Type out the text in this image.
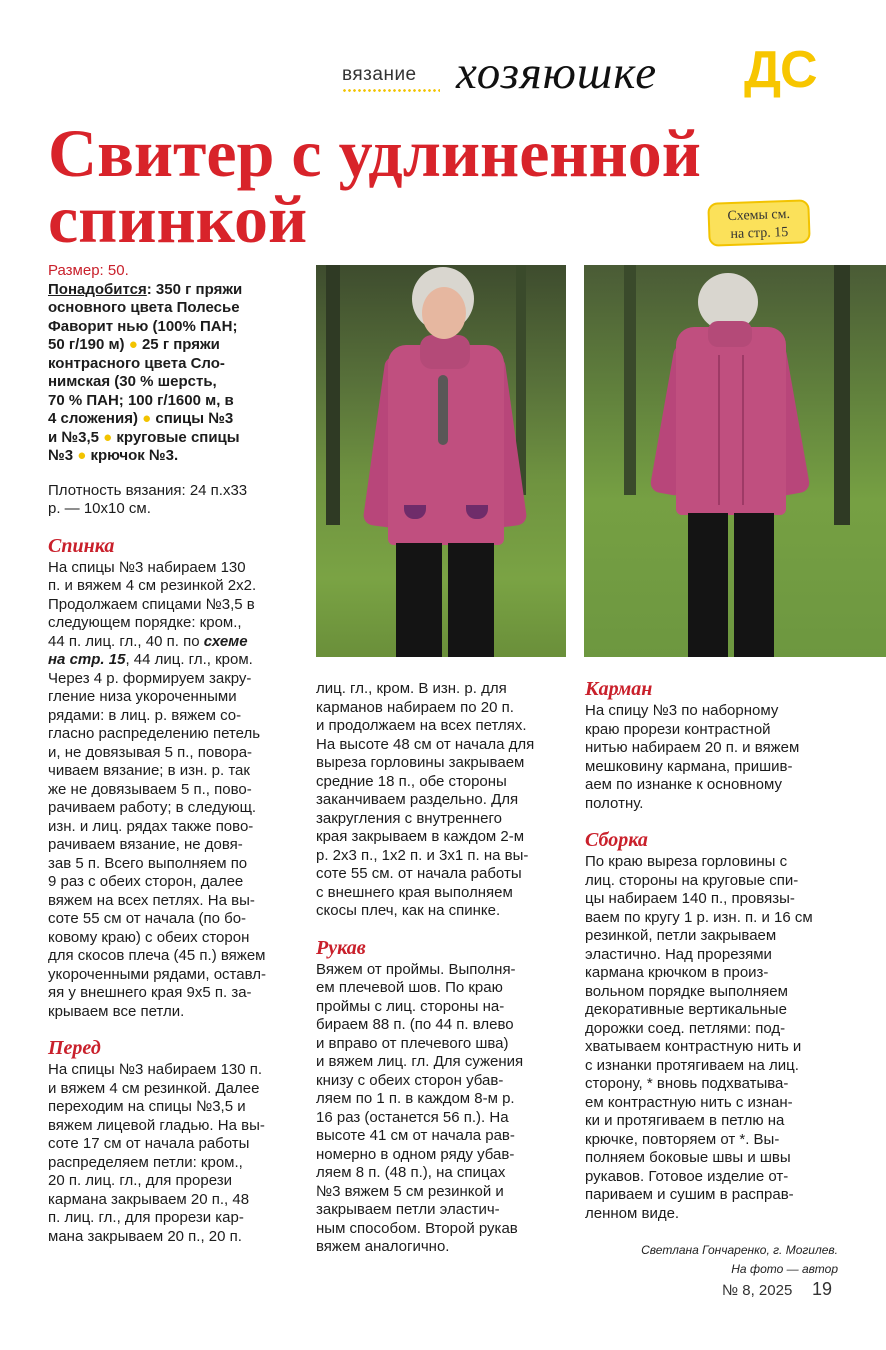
вязание хозяюшке ДС
Свитер с удлиненной
спинкой	Схемы см.
на стр. 15

Размер: 50.

Понадобится: 350 г пряжи
основного цвета Полесье
Фаворит нью (100% ПАН;
50 г/190 м) ● 25 г пряжи
контрасного цвета Сло-
нимская (30 % шерсть,
70 % ПАН; 100 г/1600 м, в
4 сложения) ● спицы №3
и №3,5 ● круговые спицы
№3 ● крючок №3.
Плотность вязания: 24 п.х33
р. — 10х10 см.
Спинка
На спицы №3 набираем 130
п. и вяжем 4 см резинкой 2х2.
Продолжаем спицами №3,5 в
следующем порядке: кром.,
44 п. лиц. гл., 40 п. по схеме
на стр. 15, 44 лиц. гл., кром.
Через 4 р. формируем закру-
гление низа укороченными
рядами: в лиц. р. вяжем со-
гласно распределению петель
и, не довязывая 5 п., повора-
чиваем вязание; в изн. р. так
же не довязываем 5 п., пово-
рачиваем работу; в следующ.
изн. и лиц. рядах также пово-
рачиваем вязание, не довя-
зав 5 п. Всего выполняем по
9 раз с обеих сторон, далее
вяжем на всех петлях. На вы-
соте 55 см от начала (по бо-
ковому краю) с обеих сторон
для скосов плеча (45 п.) вяжем
укороченными рядами, оставл-
яя у внешнего края 9х5 п. за-
крываем все петли.
Перед
На спицы №3 набираем 130 п.
и вяжем 4 см резинкой. Далее
переходим на спицы №3,5 и
вяжем лицевой гладью. На вы-
соте 17 см от начала работы
распределяем петли: кром.,
20 п. лиц. гл., для прорези
кармана закрываем 20 п., 48
п. лиц. гл., для прорези кар-
мана закрываем 20 п., 20 п.
лиц. гл., кром. В изн. р. для
карманов набираем по 20 п.
и продолжаем на всех петлях.
На высоте 48 см от начала для
выреза горловины закрываем
средние 18 п., обе стороны
заканчиваем раздельно. Для
закругления с внутреннего
края закрываем в каждом 2-м
р. 2х3 п., 1х2 п. и 3х1 п. на вы-
соте 55 см. от начала работы
с внешнего края выполняем
скосы плеч, как на спинке.
Рукав
Вяжем от проймы. Выполня-
ем плечевой шов. По краю
проймы с лиц. стороны на-
бираем 88 п. (по 44 п. влево
и вправо от плечевого шва)
и вяжем лиц. гл. Для сужения
книзу с обеих сторон убав-
ляем по 1 п. в каждом 8-м р.
16 раз (останется 56 п.). На
высоте 41 см от начала рав-
номерно в одном ряду убав-
ляем 8 п. (48 п.), на спицах
№3 вяжем 5 см резинкой и
закрываем петли эластич-
ным способом. Второй рукав
вяжем аналогично.
Карман
На спицу №3 по наборному
краю прорези контрастной
нитью набираем 20 п. и вяжем
мешковину кармана, пришив-
аем по изнанке к основному
полотну.
Сборка
По краю выреза горловины с
лиц. стороны на круговые спи-
цы набираем 140 п., провязы-
ваем по кругу 1 р. изн. п. и 16 см
резинкой, петли закрываем
эластично. Над прорезями
кармана крючком в произ-
вольном порядке выполняем
декоративные вертикальные
дорожки соед. петлями: под-
хватываем контрастную нить и
с изнанки протягиваем на лиц.
сторону, * вновь подхватыва-
ем контрастную нить с изнан-
ки и протягиваем в петлю на
крючке, повторяем от *. Вы-
полняем боковые швы и швы
рукавов. Готовое изделие от-
париваем и сушим в расправ-
ленном виде.
Светлана Гончаренко, г. Могилев.
На фото — автор
№ 8, 2025 19
